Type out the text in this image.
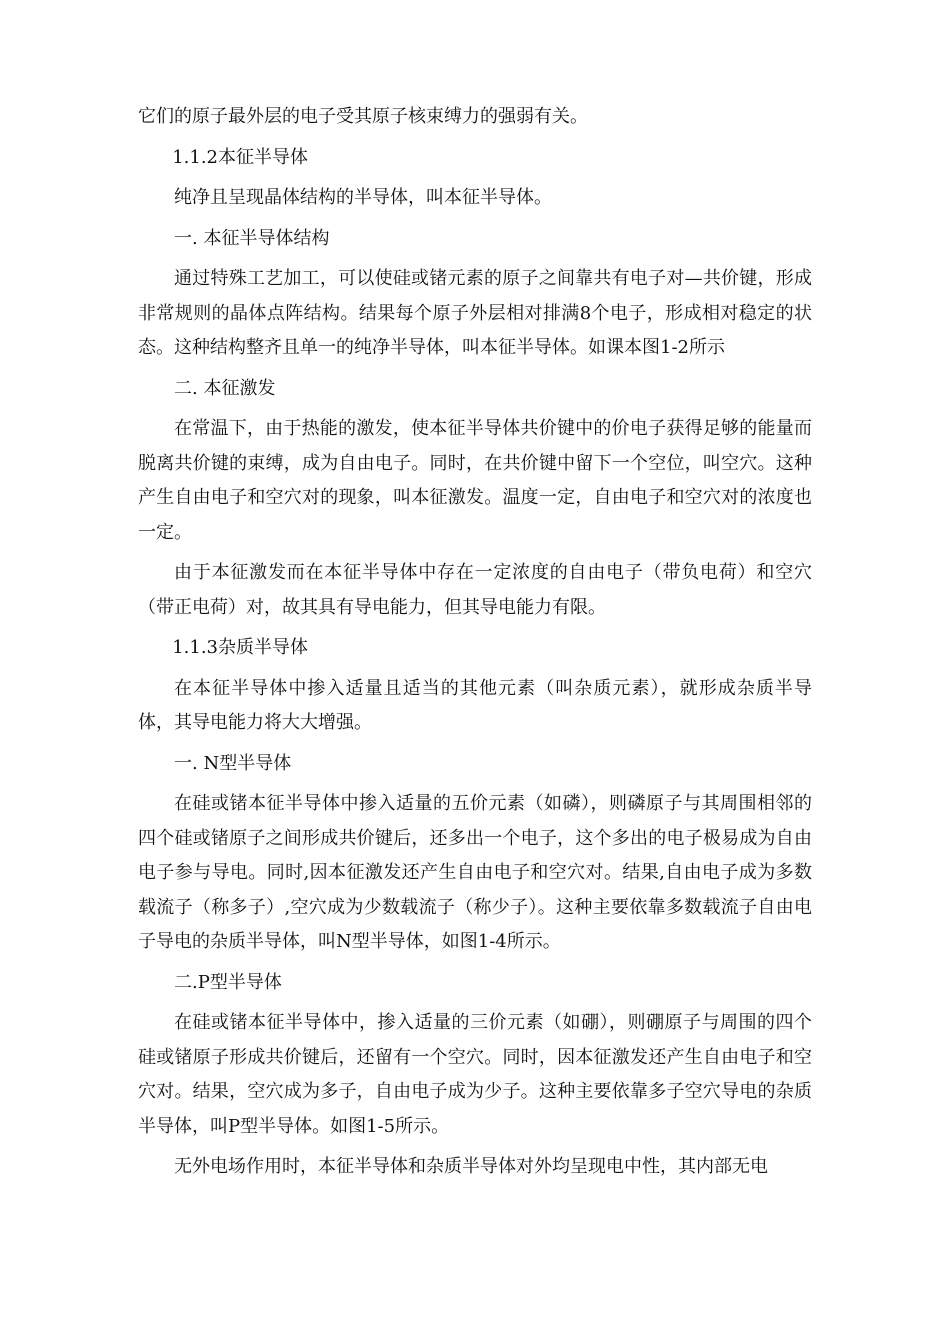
它们的原子最外层的电子受其原子核束缚力的强弱有关。

1.1.2本征半导体

纯净且呈现晶体结构的半导体，叫本征半导体。

一. 本征半导体结构

通过特殊工艺加工，可以使硅或锗元素的原子之间靠共有电子对—共价键，形成非常规则的晶体点阵结构。结果每个原子外层相对排满8个电子，形成相对稳定的状态。这种结构整齐且单一的纯净半导体，叫本征半导体。如课本图1-2所示

二. 本征激发

在常温下，由于热能的激发，使本征半导体共价键中的价电子获得足够的能量而脱离共价键的束缚，成为自由电子。同时，在共价键中留下一个空位，叫空穴。这种产生自由电子和空穴对的现象，叫本征激发。温度一定，自由电子和空穴对的浓度也一定。

由于本征激发而在本征半导体中存在一定浓度的自由电子（带负电荷）和空穴（带正电荷）对，故其具有导电能力，但其导电能力有限。

1.1.3杂质半导体

在本征半导体中掺入适量且适当的其他元素（叫杂质元素），就形成杂质半导体，其导电能力将大大增强。

一. N型半导体

在硅或锗本征半导体中掺入适量的五价元素（如磷），则磷原子与其周围相邻的四个硅或锗原子之间形成共价键后，还多出一个电子，这个多出的电子极易成为自由电子参与导电。同时,因本征激发还产生自由电子和空穴对。结果,自由电子成为多数载流子（称多子）,空穴成为少数载流子（称少子）。这种主要依靠多数载流子自由电子导电的杂质半导体，叫N型半导体，如图1-4所示。

二.P型半导体

在硅或锗本征半导体中，掺入适量的三价元素（如硼），则硼原子与周围的四个硅或锗原子形成共价键后，还留有一个空穴。同时，因本征激发还产生自由电子和空穴对。结果，空穴成为多子，自由电子成为少子。这种主要依靠多子空穴导电的杂质半导体，叫P型半导体。如图1-5所示。

无外电场作用时，本征半导体和杂质半导体对外均呈现电中性，其内部无电
